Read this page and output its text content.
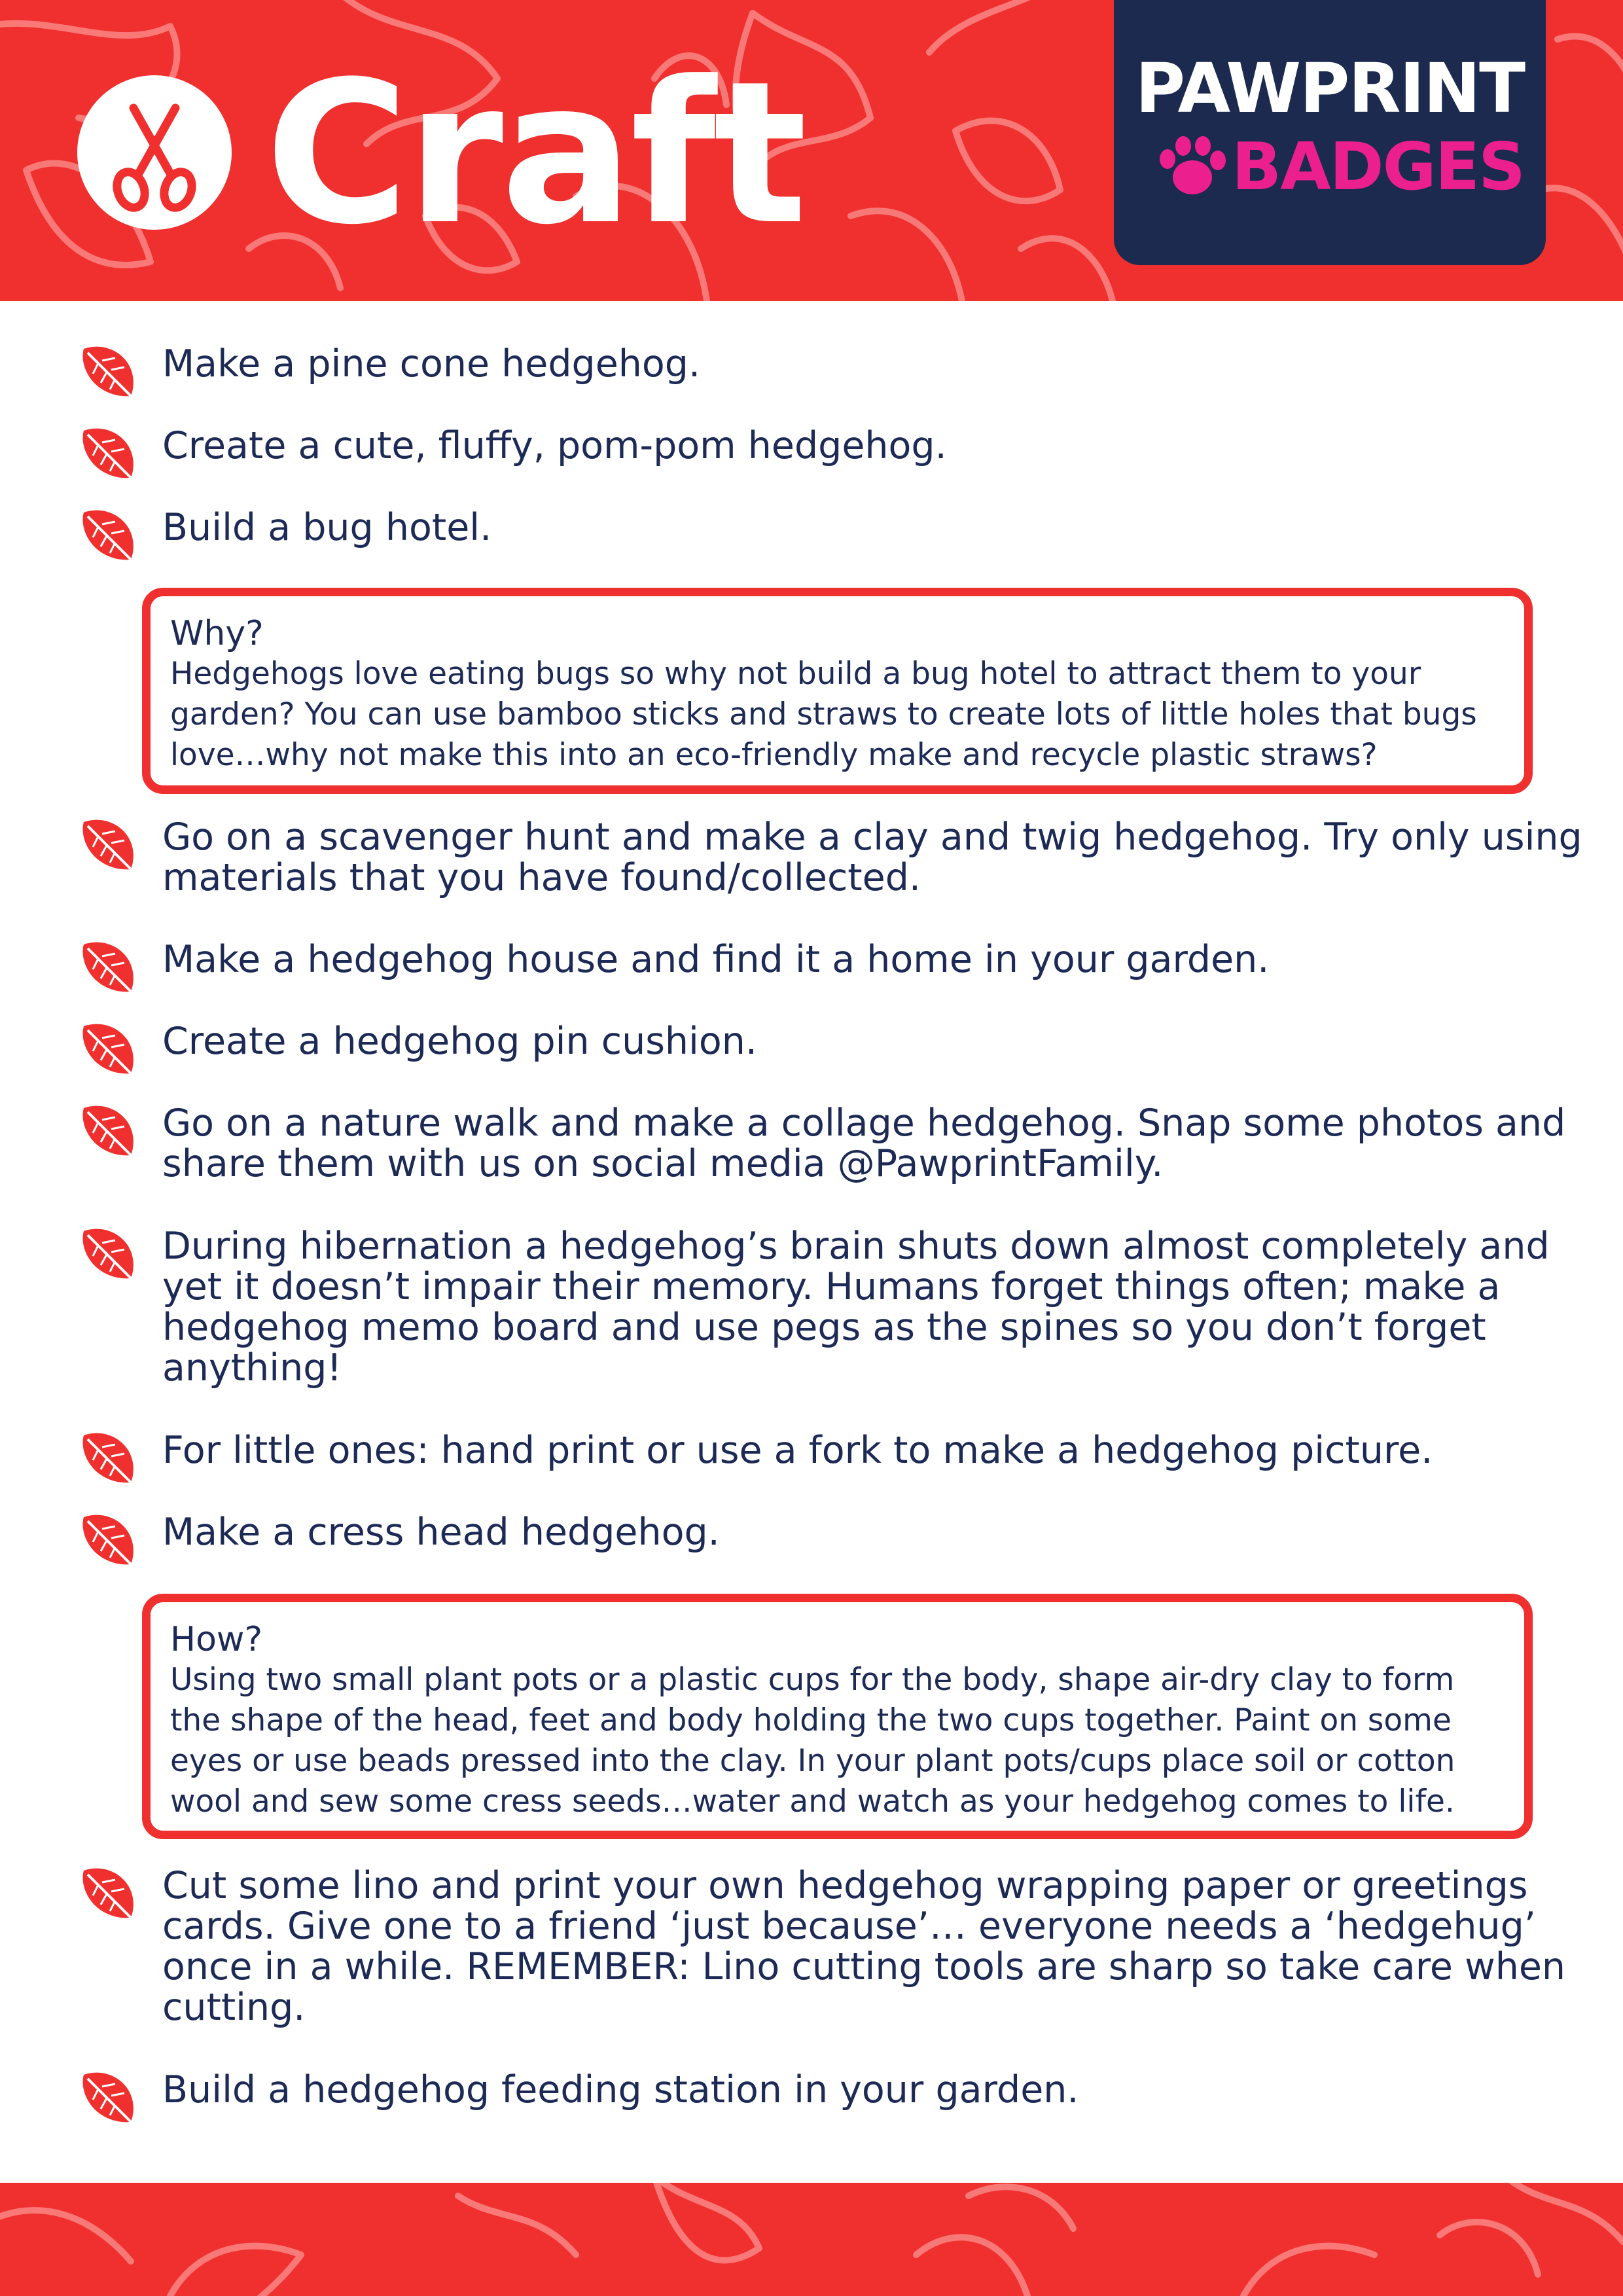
Craft	PAWPRINT
BADGES

Make a pine cone hedgehog.

Create a cute, fluffy, pom-pom hedgehog.

Build a bug hotel.

Go on a scavenger hunt and make a clay and twig hedgehog. Try only using materials that you have found/collected.

Make a hedgehog house and find it a home in your garden.

Create a hedgehog pin cushion.

Go on a nature walk and make a collage hedgehog. Snap some photos and share them with us on social media @PawprintFamily.

During hibernation a hedgehog’s brain shuts down almost completely and yet it doesn’t impair their memory. Humans forget things often; make a hedgehog memo board and use pegs as the spines so you don’t forget anything!

For little ones: hand print or use a fork to make a hedgehog picture.

Make a cress head hedgehog.

Cut some lino and print your own hedgehog wrapping paper or greetings cards. Give one to a friend ‘just because’… everyone needs a ‘hedgehug’ once in a while. REMEMBER: Lino cutting tools are sharp so take care when cutting.

Build a hedgehog feeding station in your garden.

Why?
Hedgehogs love eating bugs so why not build a bug hotel to attract them to your garden? You can use bamboo sticks and straws to create lots of little holes that bugs love…why not make this into an eco-friendly make and recycle plastic straws?
How?
Using two small plant pots or a plastic cups for the body, shape air-dry clay to form the shape of the head, feet and body holding the two cups together. Paint on some eyes or use beads pressed into the clay. In your plant pots/cups place soil or cotton wool and sew some cress seeds…water and watch as your hedgehog comes to life.
